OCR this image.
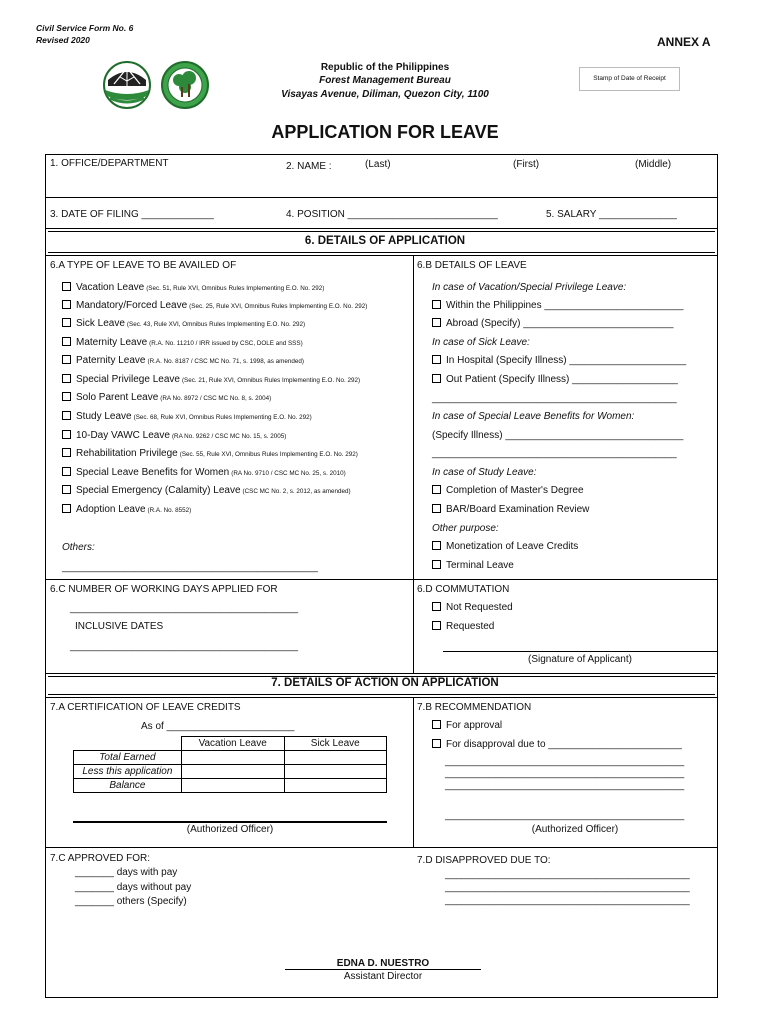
Civil Service Form No. 6
Revised 2020	ANNEX A
Republic of the Philippines
Forest Management Bureau
Visayas Avenue, Diliman, Quezon City, 1100
Stamp of Date of Receipt
APPLICATION FOR LEAVE
1. OFFICE/DEPARTMENT	2. NAME :	(Last)	(First)	(Middle)
3. DATE OF FILING _____________	4. POSITION ___________________________	5. SALARY ______________
6. DETAILS OF APPLICATION
6.A TYPE OF LEAVE TO BE AVAILED OF	6.B DETAILS OF LEAVE
Vacation Leave (Sec. 51, Rule XVI, Omnibus Rules Implementing E.O. No. 292)
Mandatory/Forced Leave (Sec. 25, Rule XVI, Omnibus Rules Implementing E.O. No. 292)
Sick Leave (Sec. 43, Rule XVI, Omnibus Rules Implementing E.O. No. 292)
Maternity Leave (R.A. No. 11210 / IRR issued by CSC, DOLE and SSS)
Paternity Leave (R.A. No. 8187 / CSC MC No. 71, s. 1998, as amended)
Special Privilege Leave (Sec. 21, Rule XVI, Omnibus Rules Implementing E.O. No. 292)
Solo Parent Leave (RA No. 8972 / CSC MC No. 8, s. 2004)
Study Leave (Sec. 68, Rule XVI, Omnibus Rules Implementing E.O. No. 292)
10-Day VAWC Leave (RA No. 9262 / CSC MC No. 15, s. 2005)
Rehabilitation Privilege (Sec. 55, Rule XVI, Omnibus Rules Implementing E.O. No. 292)
Special Leave Benefits for Women (RA No. 9710 / CSC MC No. 25, s. 2010)
Special Emergency (Calamity) Leave (CSC MC No. 2, s. 2012, as amended)
Adoption Leave (R.A. No. 8552)
Others:
______________________________________________
In case of Vacation/Special Privilege Leave:
Within the Philippines _________________________
Abroad (Specify) ___________________________
In case of Sick Leave:
In Hospital (Specify Illness) _____________________
Out Patient (Specify Illness) ___________________
____________________________________________
In case of Special Leave Benefits for Women:
(Specify Illness) ________________________________
____________________________________________
In case of Study Leave:
Completion of Master's Degree
BAR/Board Examination Review
Other purpose:
Monetization of Leave Credits
Terminal Leave
6.C NUMBER OF WORKING DAYS APPLIED FOR
_________________________________________
INCLUSIVE DATES
_________________________________________
6.D COMMUTATION
Not Requested
Requested
(Signature of Applicant)
7. DETAILS OF ACTION ON APPLICATION
7.A CERTIFICATION OF LEAVE CREDITS
As of _______________________
	Vacation Leave	Sick Leave
Total Earned		
Less this application		
Balance		
(Authorized Officer)
7.B RECOMMENDATION
For approval
For disapproval due to ________________________
___________________________________________
___________________________________________
___________________________________________
___________________________________________
(Authorized Officer)
7.C APPROVED FOR:
_______ days with pay
_______ days without pay
_______ others (Specify)
7.D DISAPPROVED DUE TO:
____________________________________________
____________________________________________
____________________________________________
EDNA D. NUESTRO
Assistant Director
